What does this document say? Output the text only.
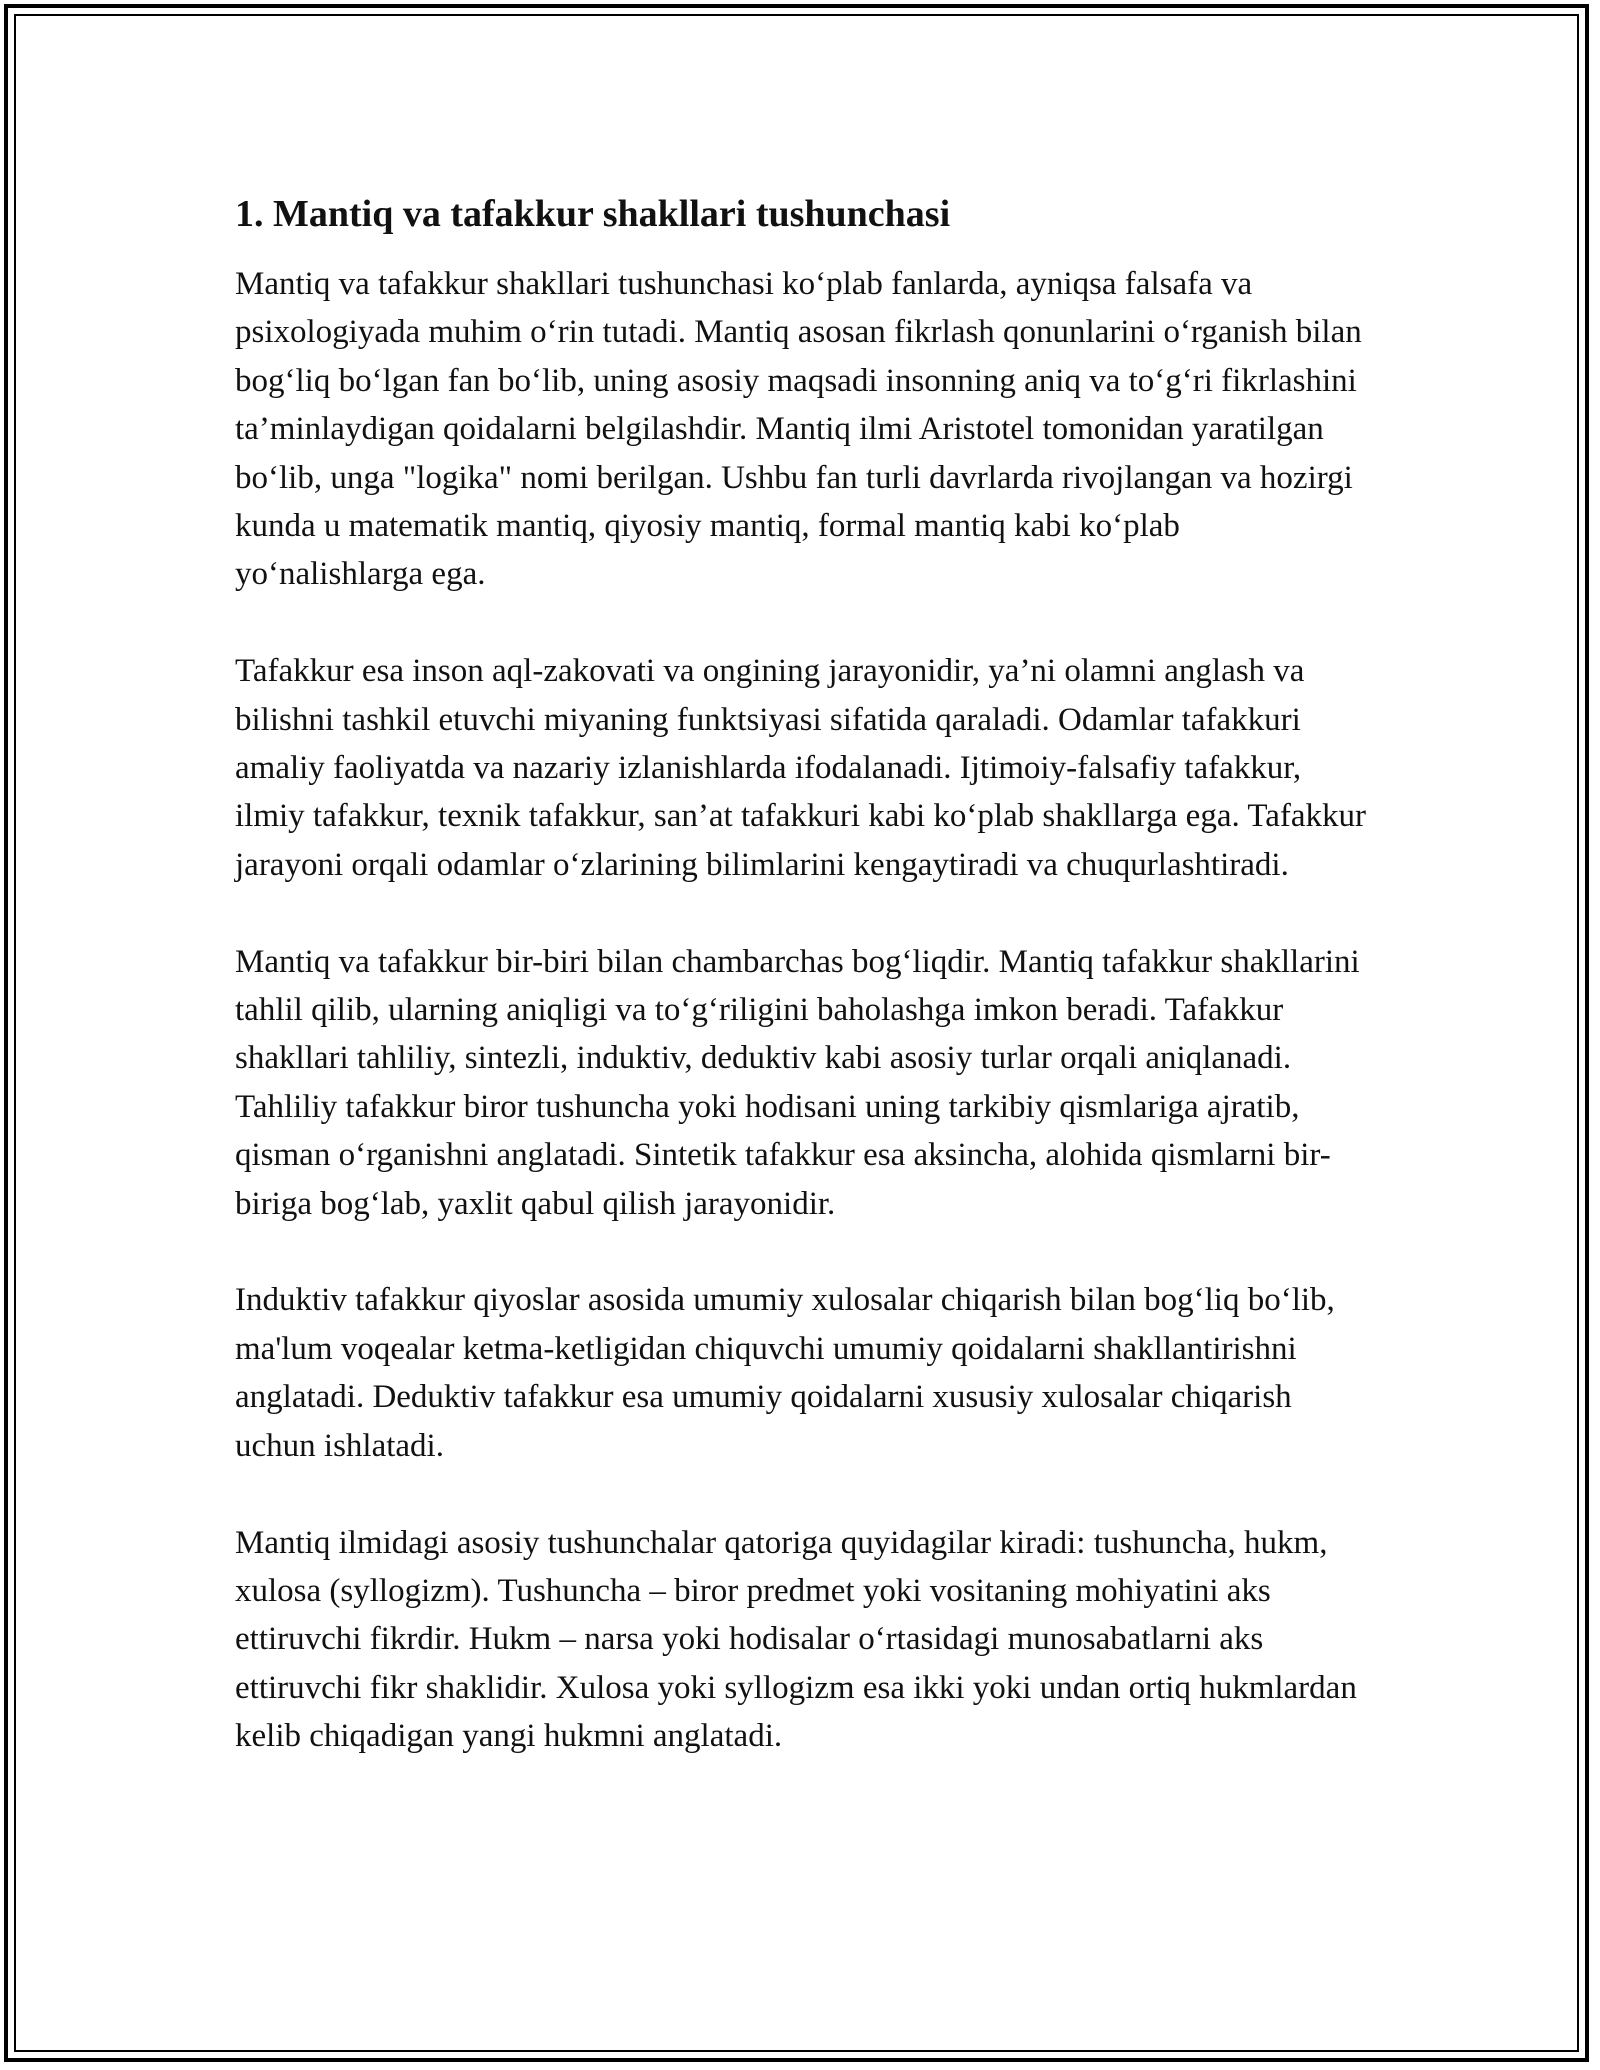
1. Mantiq va tafakkur shakllari tushunchasi

Mantiq va tafakkur shakllari tushunchasi ko‘plab fanlarda, ayniqsa falsafa va psixologiyada muhim o‘rin tutadi. Mantiq asosan fikrlash qonunlarini o‘rganish bilan bog‘liq bo‘lgan fan bo‘lib, uning asosiy maqsadi insonning aniq va to‘g‘ri fikrlashini ta’minlaydigan qoidalarni belgilashdir. Mantiq ilmi Aristotel tomonidan yaratilgan bo‘lib, unga "logika" nomi berilgan. Ushbu fan turli davrlarda rivojlangan va hozirgi kunda u matematik mantiq, qiyosiy mantiq, formal mantiq kabi ko‘plab yo‘nalishlarga ega.

Tafakkur esa inson aql-zakovati va ongining jarayonidir, ya’ni olamni anglash va bilishni tashkil etuvchi miyaning funktsiyasi sifatida qaraladi. Odamlar tafakkuri amaliy faoliyatda va nazariy izlanishlarda ifodalanadi. Ijtimoiy-falsafiy tafakkur, ilmiy tafakkur, texnik tafakkur, san’at tafakkuri kabi ko‘plab shakllarga ega. Tafakkur jarayoni orqali odamlar o‘zlarining bilimlarini kengaytiradi va chuqurlashtiradi.

Mantiq va tafakkur bir-biri bilan chambarchas bog‘liqdir. Mantiq tafakkur shakllarini tahlil qilib, ularning aniqligi va to‘g‘riligini baholashga imkon beradi. Tafakkur shakllari tahliliy, sintezli, induktiv, deduktiv kabi asosiy turlar orqali aniqlanadi. Tahliliy tafakkur biror tushuncha yoki hodisani uning tarkibiy qismlariga ajratib, qisman o‘rganishni anglatadi. Sintetik tafakkur esa aksincha, alohida qismlarni bir-biriga bog‘lab, yaxlit qabul qilish jarayonidir.

Induktiv tafakkur qiyoslar asosida umumiy xulosalar chiqarish bilan bog‘liq bo‘lib, ma'lum voqealar ketma-ketligidan chiquvchi umumiy qoidalarni shakllantirishni anglatadi. Deduktiv tafakkur esa umumiy qoidalarni xususiy xulosalar chiqarish uchun ishlatadi.

Mantiq ilmidagi asosiy tushunchalar qatoriga quyidagilar kiradi: tushuncha, hukm, xulosa (syllogizm). Tushuncha – biror predmet yoki vositaning mohiyatini aks ettiruvchi fikrdir. Hukm – narsa yoki hodisalar o‘rtasidagi munosabatlarni aks ettiruvchi fikr shaklidir. Xulosa yoki syllogizm esa ikki yoki undan ortiq hukmlardan kelib chiqadigan yangi hukmni anglatadi.
